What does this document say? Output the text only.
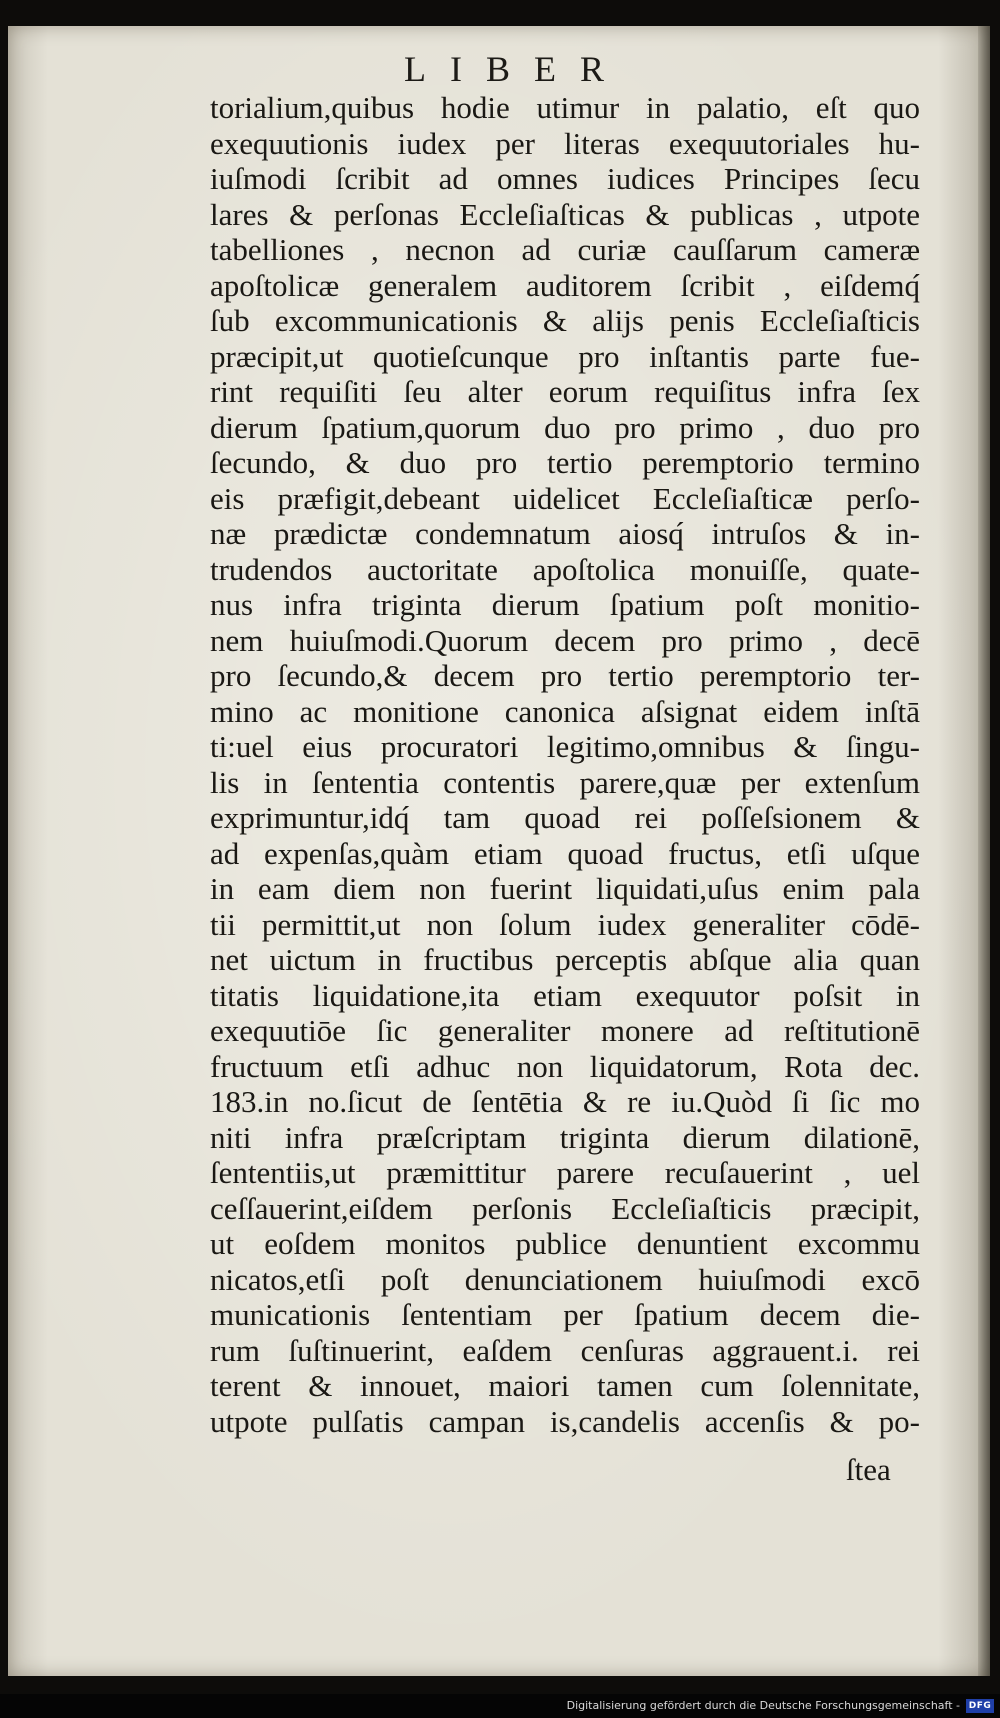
LIBER
torialium,quibus hodie utimur in palatio, eſt quo
exequutionis iudex per literas exequutoriales hu-
iuſmodi ſcribit ad omnes iudices Principes ſecu
lares & perſonas Eccleſiaſticas & publicas , utpote
tabelliones , necnon ad curiæ cauſſarum cameræ
apoſtolicæ generalem auditorem ſcribit , eiſdemq́
ſub excommunicationis & alijs penis Eccleſiaſticis
præcipit,ut quotieſcunque pro inſtantis parte fue-
rint requiſiti ſeu alter eorum requiſitus infra ſex
dierum ſpatium,quorum duo pro primo , duo pro
ſecundo, & duo pro tertio peremptorio termino
eis præfigit,debeant uidelicet Eccleſiaſticæ perſo-
næ prædictæ condemnatum aiosq́ intruſos & in-
trudendos auctoritate apoſtolica monuiſſe, quate-
nus infra triginta dierum ſpatium poſt monitio-
nem huiuſmodi.Quorum decem pro primo , decē
pro ſecundo,& decem pro tertio peremptorio ter-
mino ac monitione canonica aſsignat eidem inſtā
ti:uel eius procuratori legitimo,omnibus & ſingu-
lis in ſententia contentis parere,quæ per extenſum
exprimuntur,idq́ tam quoad rei poſſeſsionem &
ad expenſas,quàm etiam quoad fructus, etſi uſque
in eam diem non fuerint liquidati,uſus enim pala
tii permittit,ut non ſolum iudex generaliter cōdē-
net uictum in fructibus perceptis abſque alia quan
titatis liquidatione,ita etiam exequutor poſsit in
exequutiōe ſic generaliter monere ad reſtitutionē
fructuum etſi adhuc non liquidatorum, Rota dec.
183.in no.ſicut de ſentētia & re iu.Quòd ſi ſic mo
niti infra præſcriptam triginta dierum dilationē,
ſententiis,ut præmittitur parere recuſauerint , uel
ceſſauerint,eiſdem perſonis Eccleſiaſticis præcipit,
ut eoſdem monitos publice denuntient excommu
nicatos,etſi poſt denunciationem huiuſmodi excō
municationis ſententiam per ſpatium decem die-
rum ſuſtinuerint, eaſdem cenſuras aggrauent.i. rei
terent & innouet, maiori tamen cum ſolennitate,
utpote pulſatis campan is,candelis accenſis & po-
ſtea
Digitalisierung gefördert durch die Deutsche Forschungsgemeinschaft - DFG
